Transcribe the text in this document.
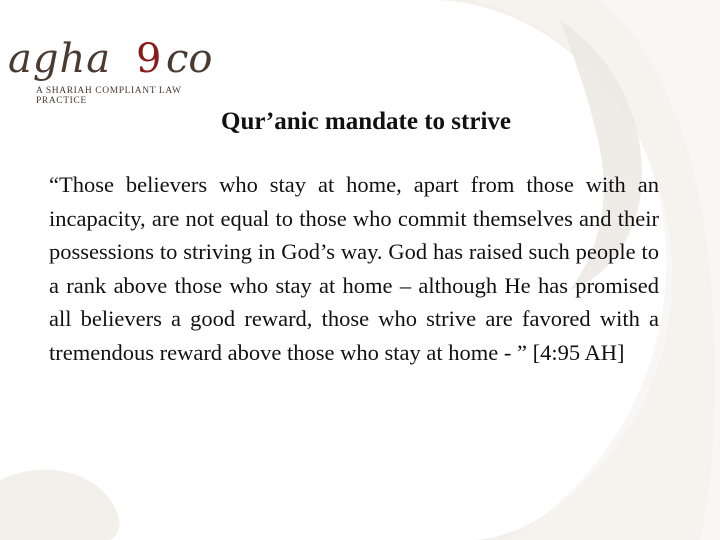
agha 9 co
A SHARIAH COMPLIANT LAW PRACTICE
Qur’anic mandate to strive
“Those believers who stay at home, apart from those with an incapacity, are not equal to those who commit themselves and their possessions to striving in God’s way. God has raised such people to a rank above those who stay at home – although He has promised all believers a good reward, those who strive are favored with a tremendous reward above those who stay at home - ” [4:95 AH]
